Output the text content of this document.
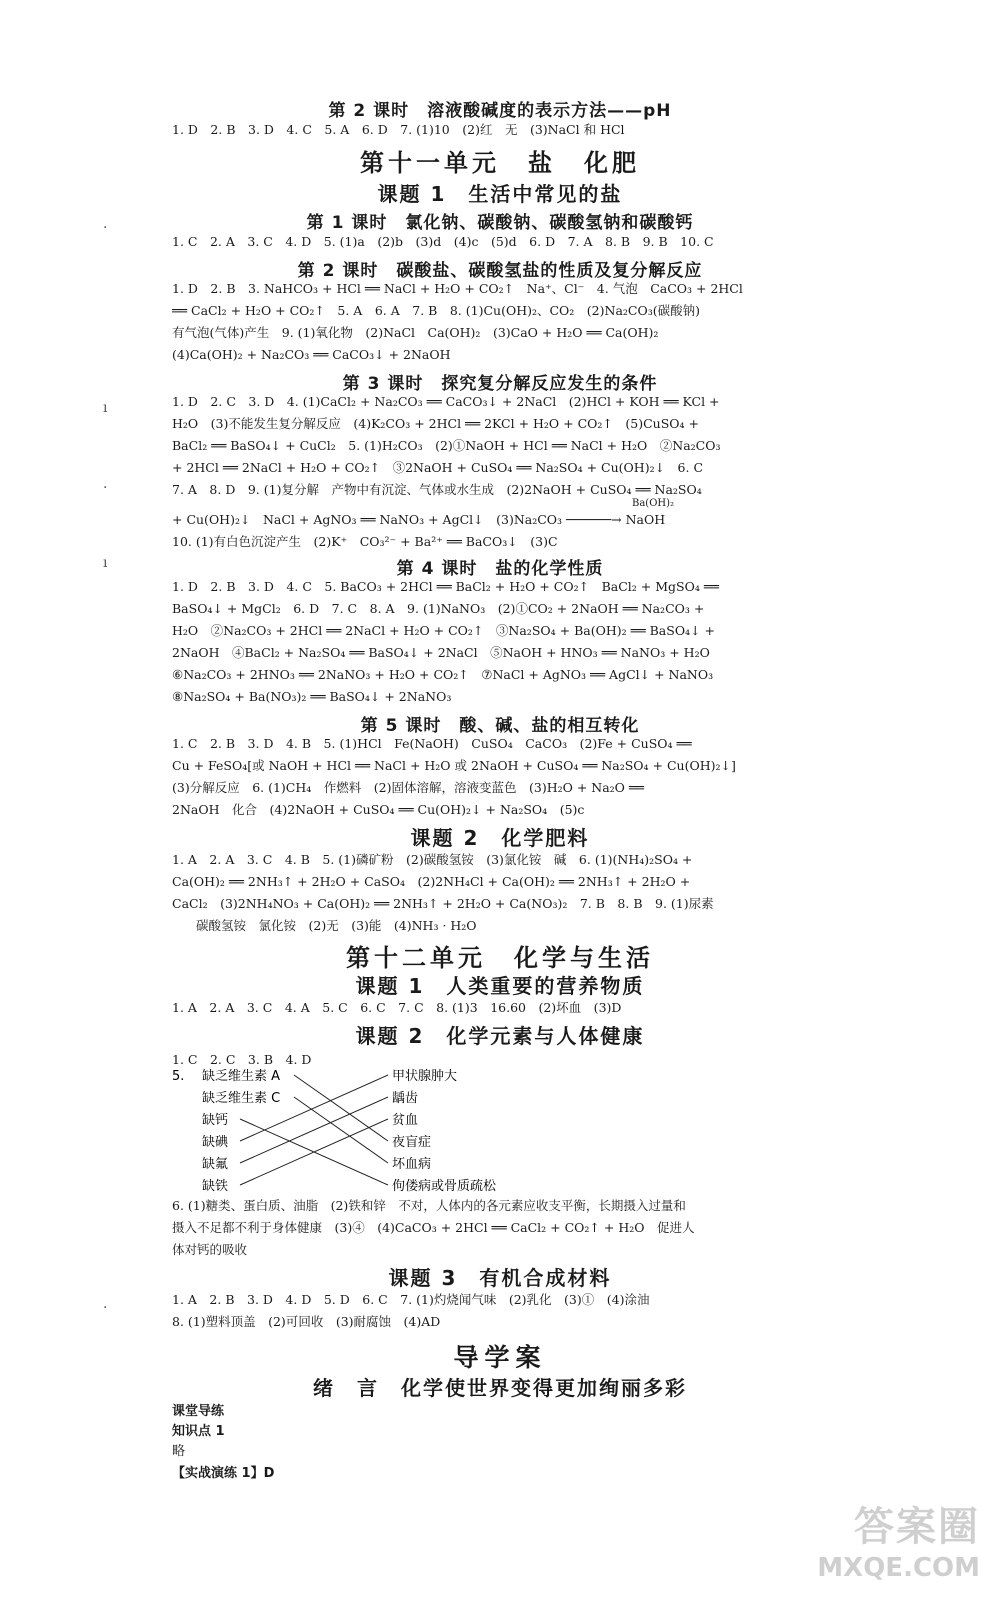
·
ı
·
ı
·
第 2 课时　溶液酸碱度的表示方法——pH
1. D　2. B　3. D　4. C　5. A　6. D　7. (1)10　(2)红　无　(3)NaCl 和 HCl
第十一单元　盐　化肥
课题 1　生活中常见的盐
第 1 课时　氯化钠、碳酸钠、碳酸氢钠和碳酸钙
1. C　2. A　3. C　4. D　5. (1)a　(2)b　(3)d　(4)c　(5)d　6. D　7. A　8. B　9. B　10. C
第 2 课时　碳酸盐、碳酸氢盐的性质及复分解反应
1. D　2. B　3. NaHCO₃ + HCl ══ NaCl + H₂O + CO₂↑　Na⁺、Cl⁻　4. 气泡　CaCO₃ + 2HCl
══ CaCl₂ + H₂O + CO₂↑　5. A　6. A　7. B　8. (1)Cu(OH)₂、CO₂　(2)Na₂CO₃(碳酸钠)
有气泡(气体)产生　9. (1)氧化物　(2)NaCl　Ca(OH)₂　(3)CaO + H₂O ══ Ca(OH)₂
(4)Ca(OH)₂ + Na₂CO₃ ══ CaCO₃↓ + 2NaOH
第 3 课时　探究复分解反应发生的条件
1. D　2. C　3. D　4. (1)CaCl₂ + Na₂CO₃ ══ CaCO₃↓ + 2NaCl　(2)HCl + KOH ══ KCl +
H₂O　(3)不能发生复分解反应　(4)K₂CO₃ + 2HCl ══ 2KCl + H₂O + CO₂↑　(5)CuSO₄ +
BaCl₂ ══ BaSO₄↓ + CuCl₂　5. (1)H₂CO₃　(2)①NaOH + HCl ══ NaCl + H₂O　②Na₂CO₃
+ 2HCl ══ 2NaCl + H₂O + CO₂↑　③2NaOH + CuSO₄ ══ Na₂SO₄ + Cu(OH)₂↓　6. C
7. A　8. D　9. (1)复分解　产物中有沉淀、气体或水生成　(2)2NaOH + CuSO₄ ══ Na₂SO₄
+ Cu(OH)₂↓　NaCl + AgNO₃ ══ NaNO₃ + AgCl↓　(3)Na₂CO₃ ──────→ NaOH
Ba(OH)₂
10. (1)有白色沉淀产生　(2)K⁺　CO₃²⁻ + Ba²⁺ ══ BaCO₃↓　(3)C
第 4 课时　盐的化学性质
1. D　2. B　3. D　4. C　5. BaCO₃ + 2HCl ══ BaCl₂ + H₂O + CO₂↑　BaCl₂ + MgSO₄ ══
BaSO₄↓ + MgCl₂　6. D　7. C　8. A　9. (1)NaNO₃　(2)①CO₂ + 2NaOH ══ Na₂CO₃ +
H₂O　②Na₂CO₃ + 2HCl ══ 2NaCl + H₂O + CO₂↑　③Na₂SO₄ + Ba(OH)₂ ══ BaSO₄↓ +
2NaOH　④BaCl₂ + Na₂SO₄ ══ BaSO₄↓ + 2NaCl　⑤NaOH + HNO₃ ══ NaNO₃ + H₂O
⑥Na₂CO₃ + 2HNO₃ ══ 2NaNO₃ + H₂O + CO₂↑　⑦NaCl + AgNO₃ ══ AgCl↓ + NaNO₃
⑧Na₂SO₄ + Ba(NO₃)₂ ══ BaSO₄↓ + 2NaNO₃
第 5 课时　酸、碱、盐的相互转化
1. C　2. B　3. D　4. B　5. (1)HCl　Fe(NaOH)　CuSO₄　CaCO₃　(2)Fe + CuSO₄ ══
Cu + FeSO₄[或 NaOH + HCl ══ NaCl + H₂O 或 2NaOH + CuSO₄ ══ Na₂SO₄ + Cu(OH)₂↓]
(3)分解反应　6. (1)CH₄　作燃料　(2)固体溶解，溶液变蓝色　(3)H₂O + Na₂O ══
2NaOH　化合　(4)2NaOH + CuSO₄ ══ Cu(OH)₂↓ + Na₂SO₄　(5)c
课题 2　化学肥料
1. A　2. A　3. C　4. B　5. (1)磷矿粉　(2)碳酸氢铵　(3)氯化铵　碱　6. (1)(NH₄)₂SO₄ +
Ca(OH)₂ ══ 2NH₃↑ + 2H₂O + CaSO₄　(2)2NH₄Cl + Ca(OH)₂ ══ 2NH₃↑ + 2H₂O +
CaCl₂　(3)2NH₄NO₃ + Ca(OH)₂ ══ 2NH₃↑ + 2H₂O + Ca(NO₃)₂　7. B　8. B　9. (1)尿素
碳酸氢铵　氯化铵　(2)无　(3)能　(4)NH₃ · H₂O
第十二单元　化学与生活
课题 1　人类重要的营养物质
1. A　2. A　3. C　4. A　5. C　6. C　7. C　8. (1)3　16.60　(2)坏血　(3)D
课题 2　化学元素与人体健康
1. C　2. C　3. B　4. D
5. 缺乏维生素 A
缺乏维生素 C
缺钙
缺碘
缺氟
缺铁
甲状腺肿大
龋齿
贫血
夜盲症
坏血病
佝偻病或骨质疏松
6. (1)糖类、蛋白质、油脂　(2)铁和锌　不对，人体内的各元素应收支平衡，长期摄入过量和
摄入不足都不利于身体健康　(3)④　(4)CaCO₃ + 2HCl ══ CaCl₂ + CO₂↑ + H₂O　促进人
体对钙的吸收
课题 3　有机合成材料
1. A　2. B　3. D　4. D　5. D　6. C　7. (1)灼烧闻气味　(2)乳化　(3)①　(4)涂油
8. (1)塑料顶盖　(2)可回收　(3)耐腐蚀　(4)AD
导学案
绪　言　化学使世界变得更加绚丽多彩
课堂导练
知识点 1
略
【实战演练 1】D
答案圈
MXQE.COM
